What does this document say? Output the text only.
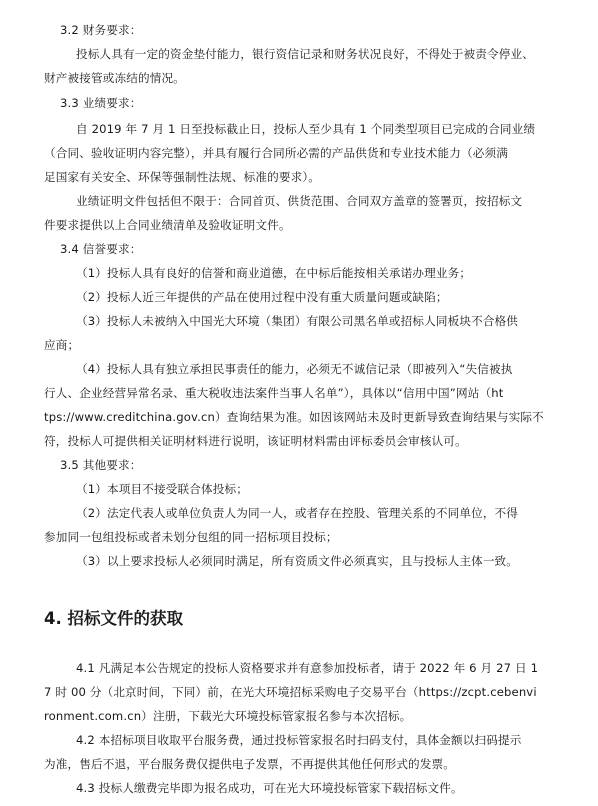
3.2 财务要求：
投标人具有一定的资金垫付能力，银行资信记录和财务状况良好，不得处于被责令停业、
财产被接管或冻结的情况。
3.3 业绩要求：
自 2019 年 7 月 1 日至投标截止日，投标人至少具有 1 个同类型项目已完成的合同业绩
（合同、验收证明内容完整），并具有履行合同所必需的产品供货和专业技术能力（必须满
足国家有关安全、环保等强制性法规、标准的要求）。
业绩证明文件包括但不限于：合同首页、供货范围、合同双方盖章的签署页，按招标文
件要求提供以上合同业绩清单及验收证明文件。
3.4 信誉要求：
（1）投标人具有良好的信誉和商业道德，在中标后能按相关承诺办理业务；
（2）投标人近三年提供的产品在使用过程中没有重大质量问题或缺陷；
（3）投标人未被纳入中国光大环境（集团）有限公司黑名单或招标人同板块不合格供
应商；
（4）投标人具有独立承担民事责任的能力，必须无不诚信记录（即被列入“失信被执
行人、企业经营异常名录、重大税收违法案件当事人名单”），具体以“信用中国”网站（ht
tps://www.creditchina.gov.cn）查询结果为准。如因该网站未及时更新导致查询结果与实际不
符，投标人可提供相关证明材料进行说明，该证明材料需由评标委员会审核认可。
3.5 其他要求：
（1）本项目不接受联合体投标；
（2）法定代表人或单位负责人为同一人，或者存在控股、管理关系的不同单位，不得
参加同一包组投标或者未划分包组的同一招标项目投标；
（3）以上要求投标人必须同时满足，所有资质文件必须真实，且与投标人主体一致。
4. 招标文件的获取
4.1 凡满足本公告规定的投标人资格要求并有意参加投标者，请于 2022 年 6 月 27 日 1
7 时 00 分（北京时间，下同）前，在光大环境招标采购电子交易平台（https://zcpt.cebenvi
ronment.com.cn）注册，下载光大环境投标管家报名参与本次招标。
4.2 本招标项目收取平台服务费，通过投标管家报名时扫码支付，具体金额以扫码提示
为准，售后不退，平台服务费仅提供电子发票，不再提供其他任何形式的发票。
4.3 投标人缴费完毕即为报名成功，可在光大环境投标管家下载招标文件。
